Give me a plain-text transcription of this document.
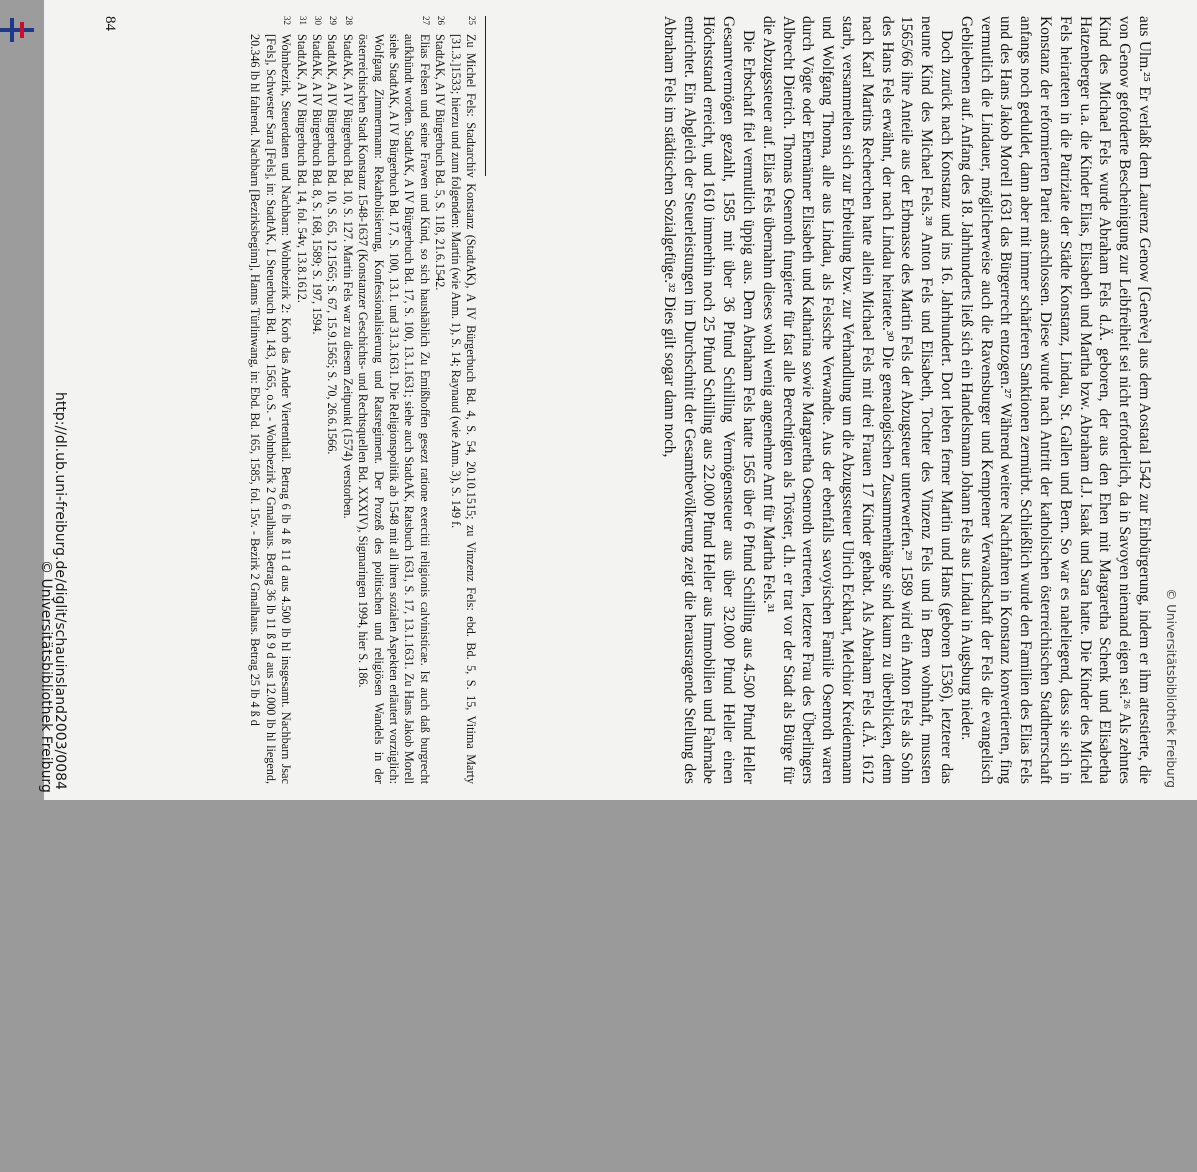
© Universitätsbibliothek Freiburg

aus Ulm.²⁵ Er verlaßt dem Laurenz Genow [Genève] aus dem Aostatal 1542 zur Einbürgerung, indem er ihm attestierte, die von Genow geforderte Bescheinigung zur Leibfreiheit sei nicht erforderlich, da in Savoyen niemand eigen sei.²⁶ Als zehntes Kind des Michael Fels wurde Abraham Fels d.Ä. geboren, der aus den Ehen mit Margaretha Schenk und Elisabetha Hatzenberger u.a. die Kinder Elias, Elisabeth und Martha bzw. Abraham d.J. Isaak und Sara hatte. Die Kinder des Michel Fels heirateten in die Patriziate der Städte Konstanz, Lindau, St. Gallen und Bern. So war es naheliegend, dass sie sich in Konstanz der reformierten Partei anschlossen. Diese wurde nach Antritt der katholischen österreichischen Stadtherrschaft anfangs noch geduldet, dann aber mit immer schärferen Sanktionen zermürbt. Schließlich wurde den Familien des Elias Fels und des Hans Jakob Morell 1631 das Bürgerrecht entzogen.²⁷ Während weitere Nachfahren in Konstanz konvertierten, fing vermutlich die Lindauer, möglicherweise auch die Ravensburger und Kemptener Verwandschaft der Fels die evangelisch Gebliebenen auf. Anfang des 18. Jahrhunderts ließ sich ein Handelsmann Johann Fels aus Lindau in Augsburg nieder.

Doch zurück nach Konstanz und ins 16. Jahrhundert. Dort lebten ferner Martin und Hans (geboren 1536), letzterer das neunte Kind des Michael Fels.²⁸ Anton Fels und Elisabeth, Tochter des Vinzenz Fels und in Bern wohnhaft, mussten 1565/66 ihre Anteile aus der Erbmasse des Martin Fels der Abzugsteuer unterwerfen.²⁹ 1589 wird ein Anton Fels als Sohn des Hans Fels erwähnt, der nach Lindau heiratete.³⁰ Die genealogischen Zusammenhänge sind kaum zu überblicken, denn nach Karl Martins Recherchen hatte allein Michael Fels mit drei Frauen 17 Kinder gehabt. Als Abraham Fels d.Ä. 1612 starb, versammelten sich zur Erbteilung bzw. zur Verhandlung um die Abzugssteuer Ulrich Eckhart, Melchior Kreidenmann und Wolfgang Thoma, alle aus Lindau, als Felssche Verwandte. Aus der ebenfalls savoyischen Familie Osenroth waren durch Vögte oder Ehemänner Elisabeth und Katharina sowie Margaretha Osenroth vertreten, letztere Frau des Überlingers Albrecht Dietrich. Thomas Osenroth fungierte für fast alle Berechtigten als Tröster, d.h. er trat vor der Stadt als Bürge für die Abzugssteuer auf. Elias Fels übernahm dieses wohl wenig angenehme Amt für Martha Fels.³¹

Die Erbschaft fiel vermutlich üppig aus. Dem Abraham Fels hatte 1565 über 6 Pfund Schilling aus 4.500 Pfund Heller Gesamtvermögen gezahlt, 1585 mit über 36 Pfund Schilling Vermögensteuer aus über 32.000 Pfund Heller einen Höchststand erreicht, und 1610 immerhin noch 25 Pfund Schilling aus 22.000 Pfund Heller aus Immobilien und Fahrnabe entrichtet. Ein Abgleich der Steuerleistungen im Durchschnitt der Gesamtbevölkerung zeigt die herausragende Stellung des Abraham Fels im städtischen Sozialgefüge.³² Dies gilt sogar dann noch,

25
Zu Michel Fels: Stadtarchiv Konstanz (StadtAK), A IV Bürgerbuch Bd. 4, S. 54, 20.10.1515; zu Vinzenz Fels: ebd. Bd. 5, S. 15, Vitima Marty [31.3.]1533; hierzu und zum folgenden: Martin (wie Anm. 1), S. 14; Raynaud (wie Anm. 3), S. 149 f.
26
StadtAK, A IV Bürgerbuch Bd. 5, S. 118, 21.6.1542.
27
Elias Felsen und seine Frawen und Kind, so sich haushäblich Zu Emißhoffen gesezt ratione exercitii religionis calvinisticae. Ist auch daß burgrecht aufkhündt worden. StadtAK, A IV Bürgerbuch Bd. 17, S. 100, 13.1.1631; siehe auch StadtAK, Ratsbuch 1631, S. 17, 13.1.1631. Zu Hans Jakob Morell siehe StadtAK, A IV Bürgerbuch Bd. 17, S. 100, 13.1. und 31.3.1631. Die Religionspolitik ab 1548 mit all ihren sozialen Aspekten erläutert vorzüglich: Wolfgang Zimmermann: Rekatholisierung, Konfessionalisierung und Ratsregiment. Der Prozeß des politischen und religiösen Wandels in der österreichischen Stadt Konstanz 1548-1637 (Konstanzer Geschichts- und Rechtsquellen Bd. XXXIV), Sigmaringen 1994, hier S. 186.
28
StadtAK, A IV Bürgerbuch Bd. 10, S. 127. Martin Fels war zu diesem Zeitpunkt (1574) verstorben.
29
StadtAK, A IV Bürgerbuch Bd. 10, S. 65, 12.1565; S. 67, 15.9.1565; S. 70, 26.6.1566.
30
StadtAK, A IV Bürgerbuch Bd. 8, S. 168, 1589; S. 197, 1594.
31
StadtAK, A IV Bürgerbuch Bd. 14, fol. 54v, 13.8.1612.
32
Wohnbezirk, Steuerdaten und Nachbarn: Wohnbezirk 2: Korb das Ander Viertenthail. Betrag 6 lb 4 ß 11 d aus 4.500 lb hl insgesamt. Nachbarn Jsac [Fels], Schwester Sara [Fels], in: StadtAK, L Steuerbuch Bd. 143, 1565, o.S. - Wohnbezirk 2 Gmalhaus. Betrag 36 lb 11 ß 9 d aus 12.000 lb hl liegend, 20.346 lb hl fahrend. Nachbarn [Bezirksbeginn], Hanns Türlinwang, in: Ebd. Bd. 165, 1585, fol. 15v. - Bezirk 2 Gmalhaus. Betrag 25 lb 4 ß d
84
http://dl.ub.uni-freiburg.de/diglit/schauinsland2003/0084
© Universitätsbibliothek Freiburg
